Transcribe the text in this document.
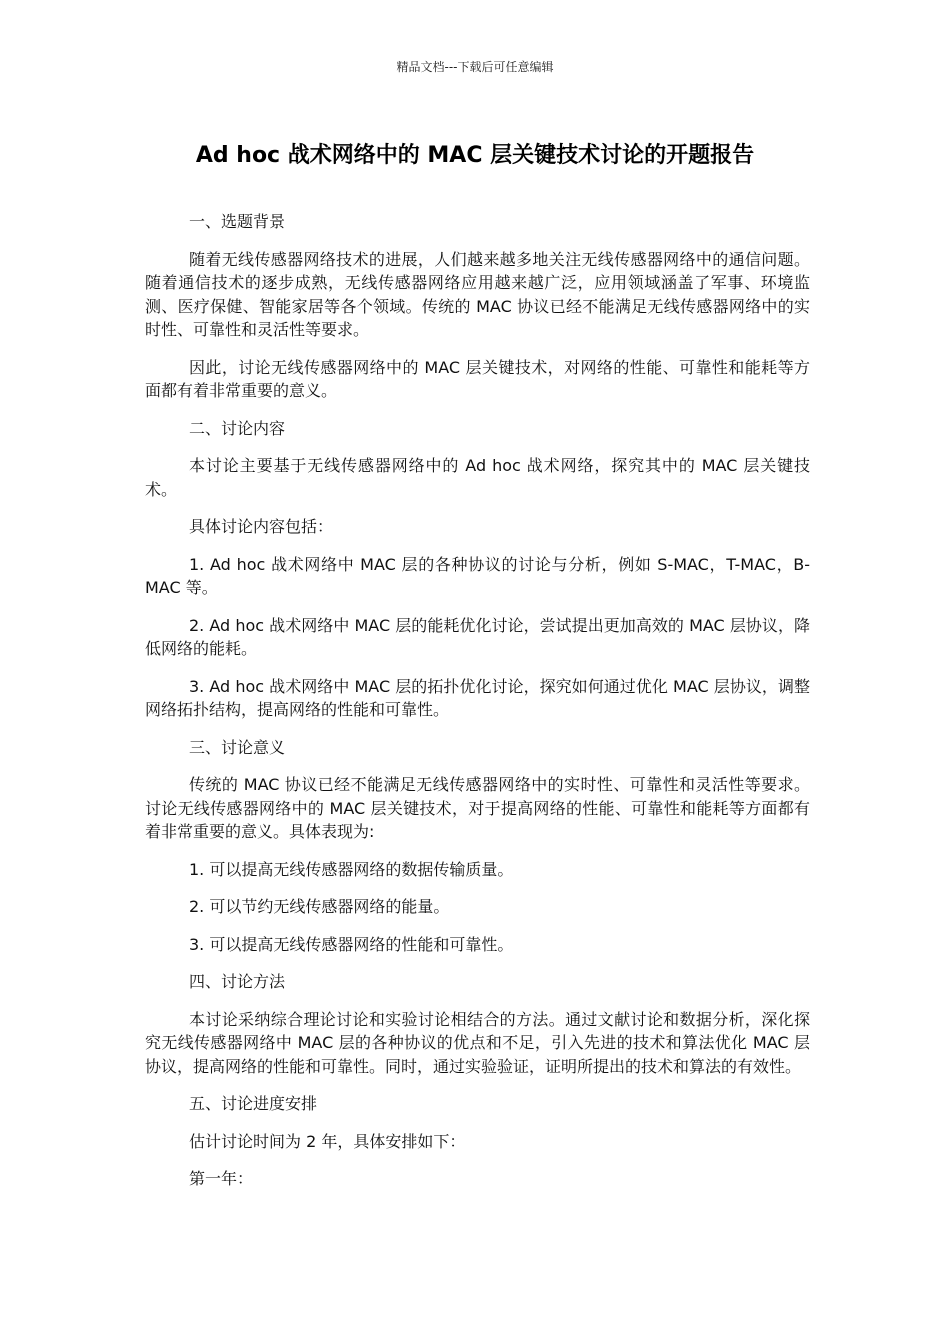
精品文档---下载后可任意编辑
Ad hoc 战术网络中的 MAC 层关键技术讨论的开题报告

一、选题背景

随着无线传感器网络技术的进展，人们越来越多地关注无线传感器网络中的通信问题。随着通信技术的逐步成熟，无线传感器网络应用越来越广泛，应用领域涵盖了军事、环境监测、医疗保健、智能家居等各个领域。传统的 MAC 协议已经不能满足无线传感器网络中的实时性、可靠性和灵活性等要求。

因此，讨论无线传感器网络中的 MAC 层关键技术，对网络的性能、可靠性和能耗等方面都有着非常重要的意义。

二、讨论内容

本讨论主要基于无线传感器网络中的 Ad hoc 战术网络，探究其中的 MAC 层关键技术。

具体讨论内容包括：

1. Ad hoc 战术网络中 MAC 层的各种协议的讨论与分析，例如 S-MAC，T-MAC，B-MAC 等。

2. Ad hoc 战术网络中 MAC 层的能耗优化讨论，尝试提出更加高效的 MAC 层协议，降低网络的能耗。

3. Ad hoc 战术网络中 MAC 层的拓扑优化讨论，探究如何通过优化 MAC 层协议，调整网络拓扑结构，提高网络的性能和可靠性。

三、讨论意义

传统的 MAC 协议已经不能满足无线传感器网络中的实时性、可靠性和灵活性等要求。讨论无线传感器网络中的 MAC 层关键技术，对于提高网络的性能、可靠性和能耗等方面都有着非常重要的意义。具体表现为:

1. 可以提高无线传感器网络的数据传输质量。

2. 可以节约无线传感器网络的能量。

3. 可以提高无线传感器网络的性能和可靠性。

四、讨论方法

本讨论采纳综合理论讨论和实验讨论相结合的方法。通过文献讨论和数据分析，深化探究无线传感器网络中 MAC 层的各种协议的优点和不足，引入先进的技术和算法优化 MAC 层协议，提高网络的性能和可靠性。同时，通过实验验证，证明所提出的技术和算法的有效性。

五、讨论进度安排

估计讨论时间为 2 年，具体安排如下：

第一年：
